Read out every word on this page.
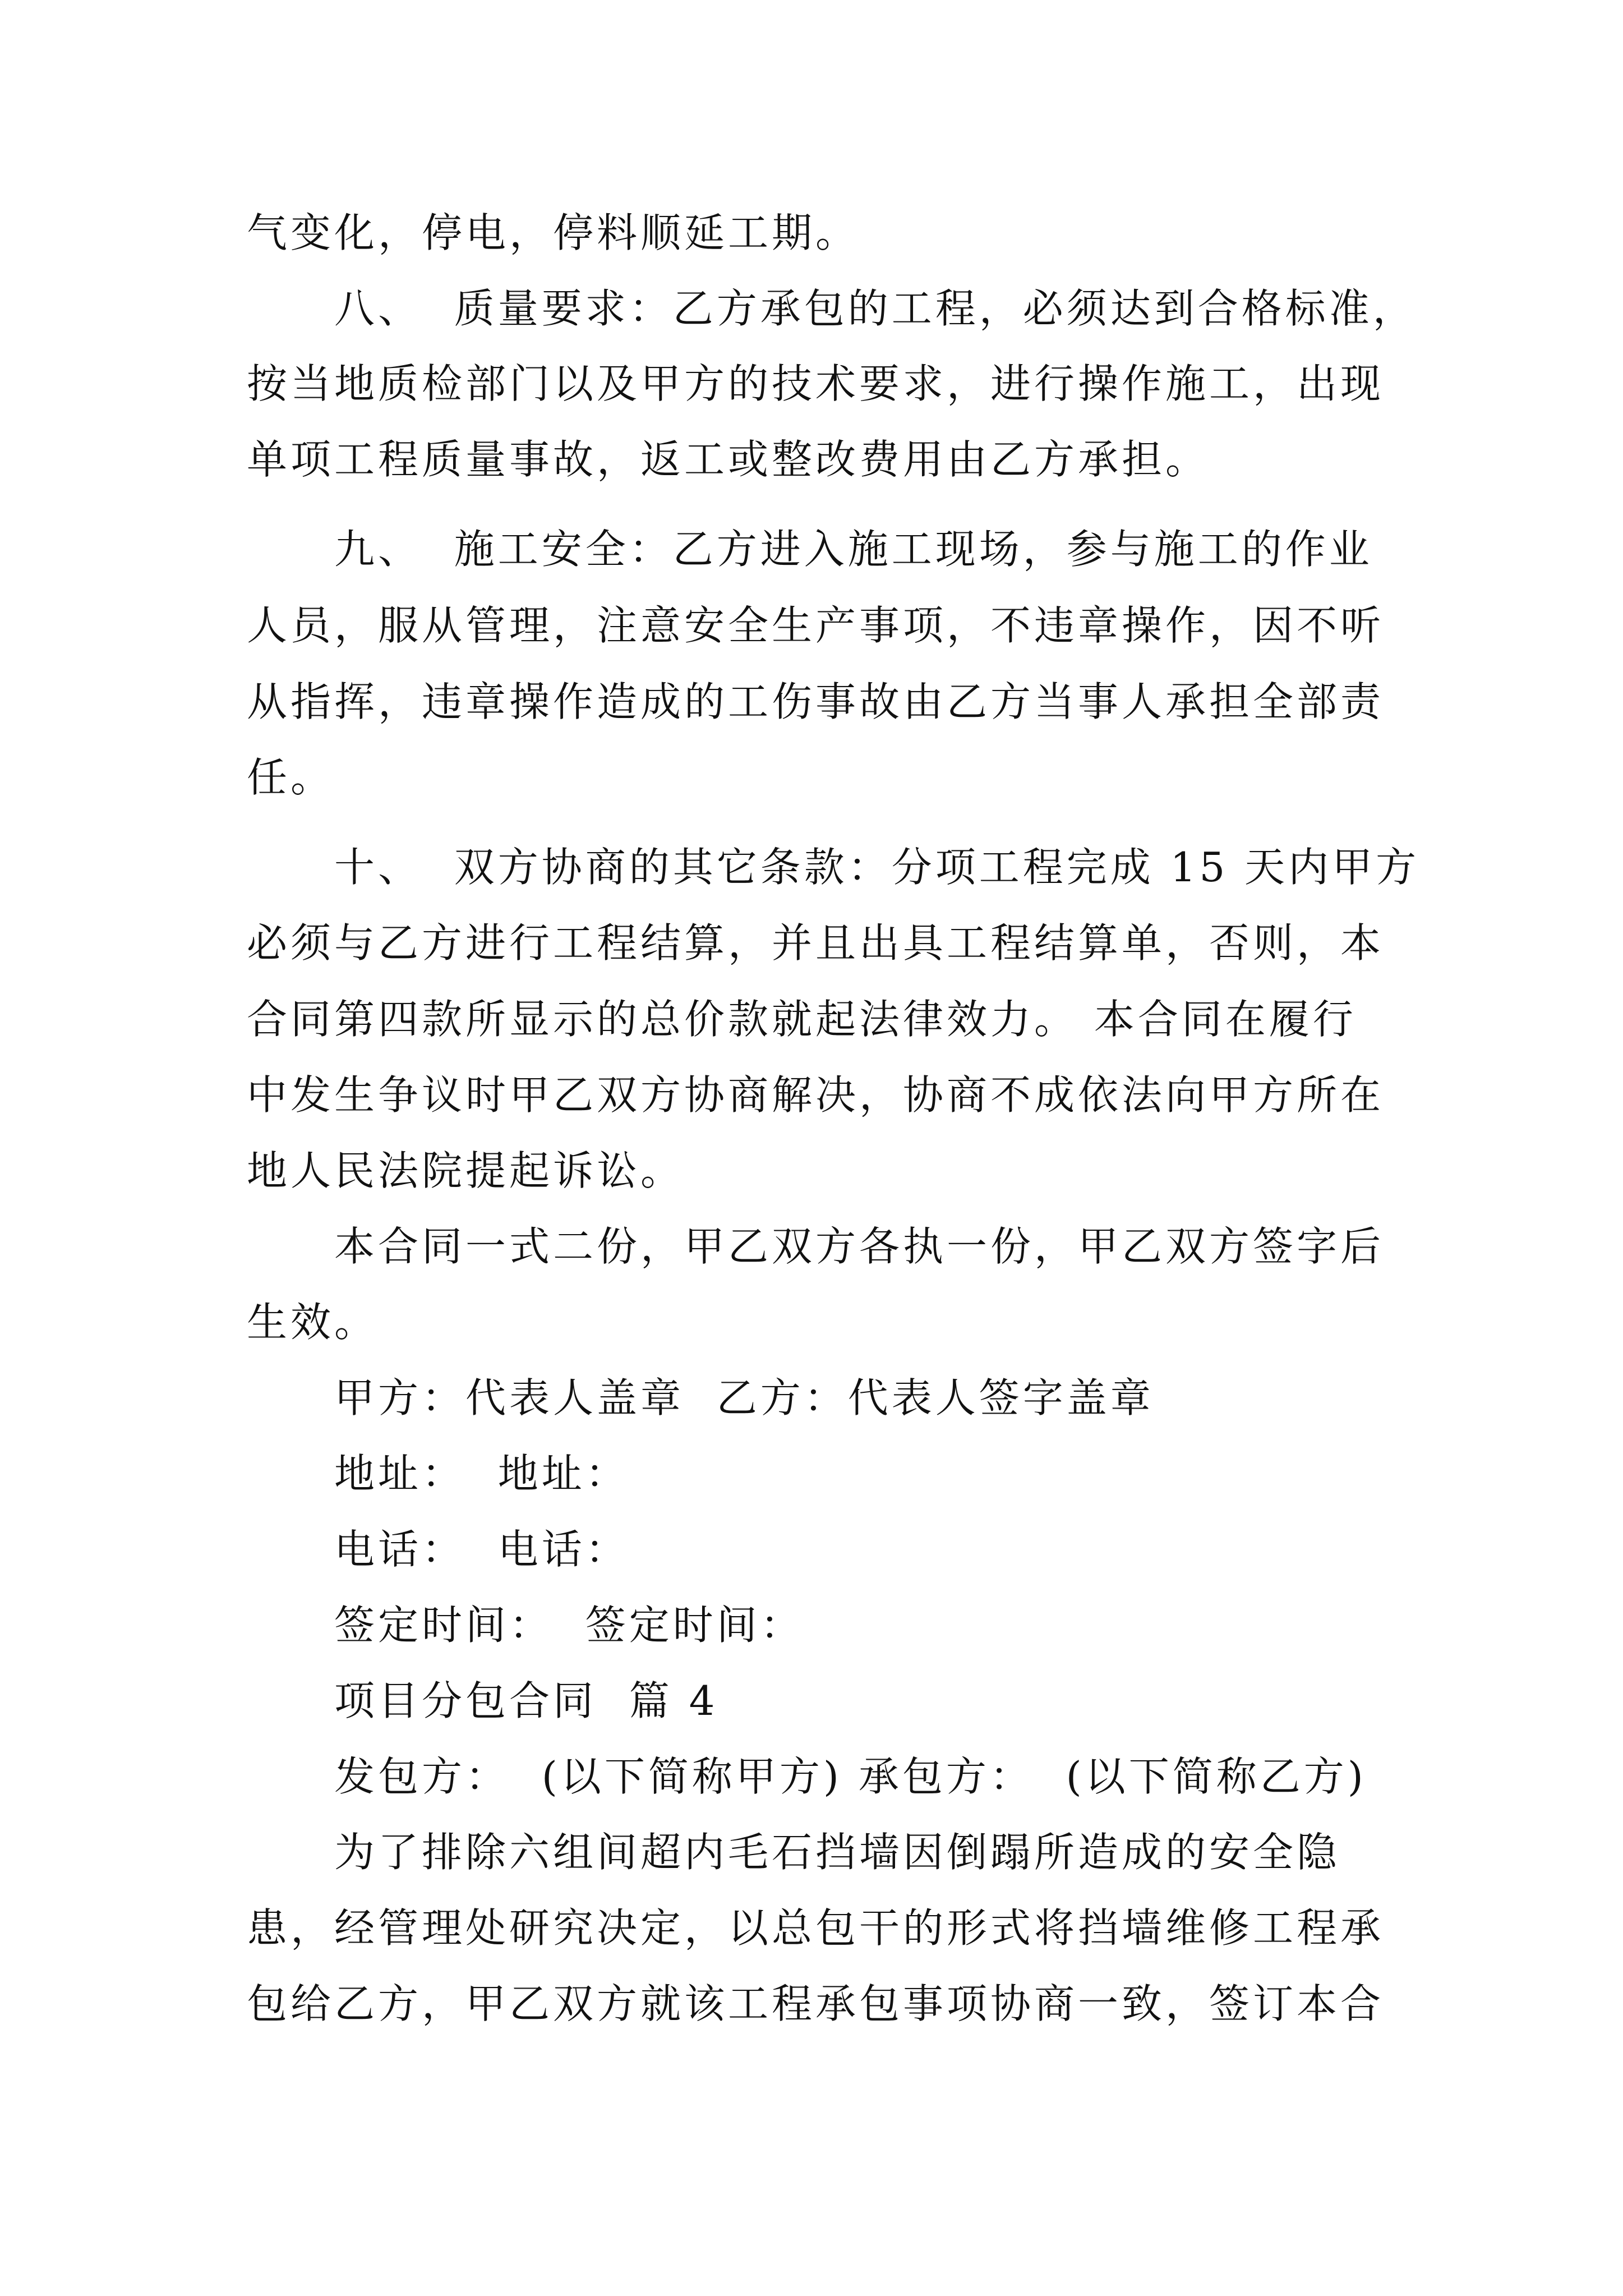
气变化，停电，停料顺延工期。
八、  质量要求：乙方承包的工程，必须达到合格标准，
按当地质检部门以及甲方的技术要求，进行操作施工，出现
单项工程质量事故，返工或整改费用由乙方承担。
九、  施工安全：乙方进入施工现场，参与施工的作业
人员，服从管理，注意安全生产事项，不违章操作，因不听
从指挥，违章操作造成的工伤事故由乙方当事人承担全部责
任。
十、  双方协商的其它条款：分项工程完成 15 天内甲方
必须与乙方进行工程结算，并且出具工程结算单，否则，本
合同第四款所显示的总价款就起法律效力。 本合同在履行
中发生争议时甲乙双方协商解决，协商不成依法向甲方所在
地人民法院提起诉讼。
本合同一式二份，甲乙双方各执一份，甲乙双方签字后
生效。
甲方：代表人盖章  乙方：代表人签字盖章
地址：  地址：
电话：  电话：
签定时间：  签定时间：
项目分包合同  篇 4
发包方：  (以下简称甲方) 承包方：  (以下简称乙方)
为了排除六组间超内毛石挡墙因倒蹋所造成的安全隐
患，经管理处研究决定，以总包干的形式将挡墙维修工程承
包给乙方，甲乙双方就该工程承包事项协商一致，签订本合
